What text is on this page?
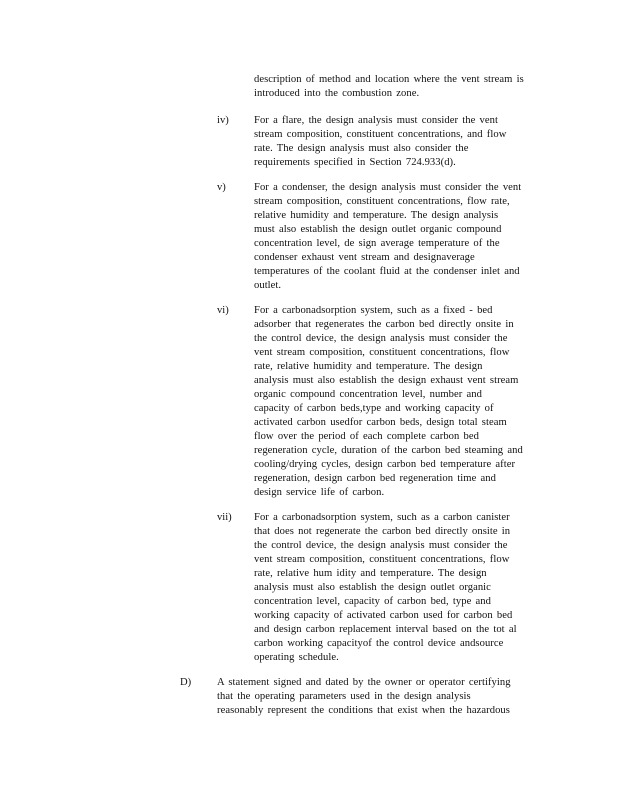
description of method and location where the vent stream is
introduced into the combustion zone.
iv) For a flare, the design analysis must consider the vent
stream composition, constituent concentrations, and flow
rate. The design analysis must also consider the
requirements specified in Section 724.933(d).
v)	For a condenser, the design analysis must consider the vent
stream composition, constituent concentrations, flow rate,
relative humidity and temperature. The design analysis
must also establish the design outlet organic compound
concentration level, de sign average temperature of the
condenser exhaust vent stream and designaverage
temperatures of the coolant fluid at the condenser inlet and
outlet.
vi) For a carbonadsorption system, such as a fixed - bed
adsorber that regenerates the carbon bed directly onsite in
the control device, the design analysis must consider the
vent stream composition, constituent concentrations, flow
rate, relative humidity and temperature. The design
analysis must also establish the design exhaust vent stream
organic compound concentration level, number and
capacity of carbon beds,type and working capacity of
activated carbon usedfor carbon beds, design total steam
flow over the period of each complete carbon bed
regeneration cycle, duration of the carbon bed steaming and
cooling/drying cycles, design carbon bed temperature after
regeneration, design carbon bed regeneration time and
design service life of carbon.
vii) For a carbonadsorption system, such as a carbon canister
that does not regenerate the carbon bed directly onsite in
the control device, the design analysis must consider the
vent stream composition, constituent concentrations, flow
rate, relative hum idity and temperature. The design
analysis must also establish the design outlet organic
concentration level, capacity of carbon bed, type and
working capacity of activated carbon used for carbon bed
and design carbon replacement interval based on the tot al
carbon working capacityof the control device andsource
operating schedule.
D) A statement signed and dated by the owner or operator certifying
that the operating parameters used in the design analysis
reasonably represent the conditions that exist when the hazardous
